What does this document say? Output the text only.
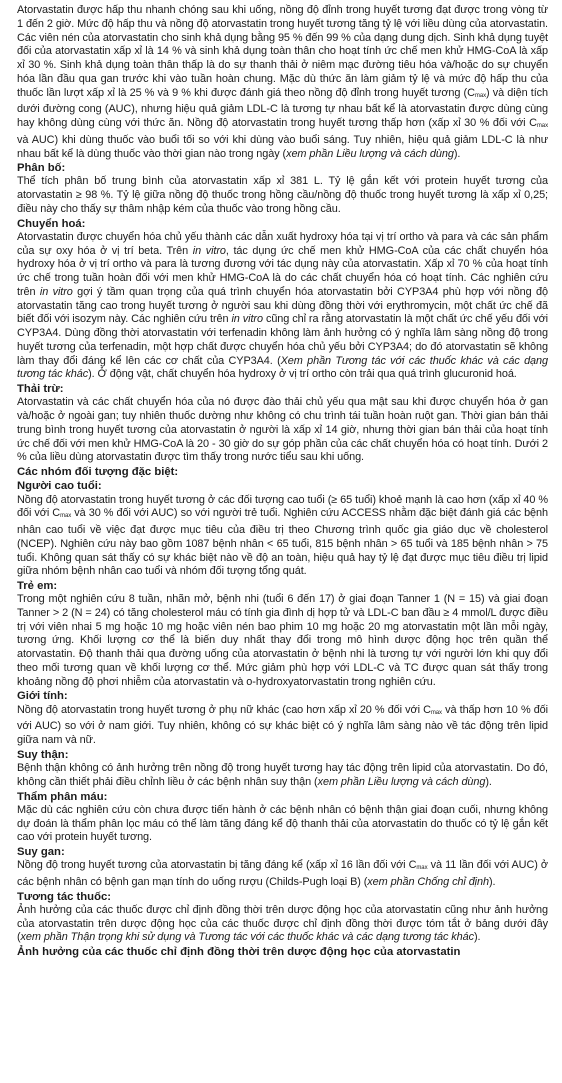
Atorvastatin được hấp thu nhanh chóng sau khi uống, nồng độ đỉnh trong huyết tương đạt được trong vòng từ 1 đến 2 giờ. Mức độ hấp thu và nồng độ atorvastatin trong huyết tương tăng tỷ lệ với liều dùng của atorvastatin. Các viên nén của atorvastatin cho sinh khả dụng bằng 95 % đến 99 % của dạng dung dịch. Sinh khả dụng tuyệt đối của atorvastatin xấp xỉ là 14 % và sinh khả dụng toàn thân cho hoạt tính ức chế men khử HMG-CoA là xấp xỉ 30 %. Sinh khả dụng toàn thân thấp là do sự thanh thải ở niêm mạc đường tiêu hóa và/hoặc do sự chuyển hóa lần đầu qua gan trước khi vào tuần hoàn chung. Mặc dù thức ăn làm giảm tỷ lệ và mức độ hấp thu của thuốc lần lượt xấp xỉ là 25 % và 9 % khi được đánh giá theo nồng độ đỉnh trong huyết tương (Cmax) và diện tích dưới đường cong (AUC), nhưng hiệu quả giảm LDL-C là tương tự nhau bất kể là atorvastatin được dùng cùng hay không dùng cùng với thức ăn. Nồng độ atorvastatin trong huyết tương thấp hơn (xấp xỉ 30 % đối với Cmax và AUC) khi dùng thuốc vào buổi tối so với khi dùng vào buổi sáng. Tuy nhiên, hiệu quả giảm LDL-C là như nhau bất kể là dùng thuốc vào thời gian nào trong ngày (xem phần Liều lượng và cách dùng).

Phân bố:

Thể tích phân bố trung bình của atorvastatin xấp xỉ 381 L. Tỷ lệ gắn kết với protein huyết tương của atorvastatin ≥ 98 %. Tỷ lệ giữa nồng độ thuốc trong hồng cầu/nồng độ thuốc trong huyết tương là xấp xỉ 0,25; điều này cho thấy sự thâm nhập kém của thuốc vào trong hồng cầu.

Chuyển hoá:

Atorvastatin được chuyển hóa chủ yếu thành các dẫn xuất hydroxy hóa tại vị trí ortho và para và các sản phẩm của sự oxy hóa ở vị trí beta. Trên in vitro, tác dụng ức chế men khử HMG-CoA của các chất chuyển hóa hydroxy hóa ở vị trí ortho và para là tương đương với tác dụng này của atorvastatin. Xấp xỉ 70 % của hoạt tính ức chế trong tuần hoàn đối với men khử HMG-CoA là do các chất chuyển hóa có hoạt tính. Các nghiên cứu trên in vitro gợi ý tầm quan trọng của quá trình chuyển hóa atorvastatin bởi CYP3A4 phù hợp với nồng độ atorvastatin tăng cao trong huyết tương ở người sau khi dùng đồng thời với erythromycin, một chất ức chế đã biết đối với isozym này. Các nghiên cứu trên in vitro cũng chỉ ra rằng atorvastatin là một chất ức chế yếu đối với CYP3A4. Dùng đồng thời atorvastatin với terfenadin không làm ảnh hưởng có ý nghĩa lâm sàng nồng độ trong huyết tương của terfenadin, một hợp chất được chuyển hóa chủ yếu bởi CYP3A4; do đó atorvastatin sẽ không làm thay đổi đáng kể lên các cơ chất của CYP3A4. (Xem phần Tương tác với các thuốc khác và các dạng tương tác khác). Ở động vật, chất chuyển hóa hydroxy ở vị trí ortho còn trải qua quá trình glucuronid hoá.

Thải trừ:

Atorvastatin và các chất chuyển hóa của nó được đào thải chủ yếu qua mật sau khi được chuyển hóa ở gan và/hoặc ở ngoài gan; tuy nhiên thuốc dường như không có chu trình tái tuần hoàn ruột gan. Thời gian bán thải trung bình trong huyết tương của atorvastatin ở người là xấp xỉ 14 giờ, nhưng thời gian bán thải của hoạt tính ức chế đối với men khử HMG-CoA là 20 - 30 giờ do sự góp phần của các chất chuyển hóa có hoạt tính. Dưới 2 % của liều dùng atorvastatin được tìm thấy trong nước tiểu sau khi uống.

Các nhóm đối tượng đặc biệt:
Người cao tuổi:

Nồng độ atorvastatin trong huyết tương ở các đối tượng cao tuổi (≥ 65 tuổi) khoẻ mạnh là cao hơn (xấp xỉ 40 % đối với Cmax và 30 % đối với AUC) so với người trẻ tuổi. Nghiên cứu ACCESS nhằm đặc biệt đánh giá các bệnh nhân cao tuổi về việc đạt được mục tiêu của điều trị theo Chương trình quốc gia giáo dục về cholesterol (NCEP). Nghiên cứu này bao gồm 1087 bệnh nhân < 65 tuổi, 815 bệnh nhân > 65 tuổi và 185 bệnh nhân > 75 tuổi. Không quan sát thấy có sự khác biệt nào về độ an toàn, hiệu quả hay tỷ lệ đạt được mục tiêu điều trị lipid giữa nhóm bệnh nhân cao tuổi và nhóm đối tượng tổng quát.

Trẻ em:

Trong một nghiên cứu 8 tuần, nhãn mở, bệnh nhi (tuổi 6 đến 17) ở giai đoạn Tanner 1 (N = 15) và giai đoạn Tanner > 2 (N = 24) có tăng cholesterol máu có tính gia đình dị hợp tử và LDL-C ban đầu ≥ 4 mmol/L được điều trị với viên nhai 5 mg hoặc 10 mg hoặc viên nén bao phim 10 mg hoặc 20 mg atorvastatin một lần mỗi ngày, tương ứng. Khối lượng cơ thể là biến duy nhất thay đổi trong mô hình dược động học trên quần thể atorvastatin. Độ thanh thải qua đường uống của atorvastatin ở bệnh nhi là tương tự với người lớn khi quy đổi theo mối tương quan về khối lượng cơ thể. Mức giảm phù hợp với LDL-C và TC được quan sát thấy trong khoảng nồng độ phơi nhiễm của atorvastatin và o-hydroxyatorvastatin trong nghiên cứu.

Giới tính:

Nồng độ atorvastatin trong huyết tương ở phụ nữ khác (cao hơn xấp xỉ 20 % đối với Cmax và thấp hơn 10 % đối với AUC) so với ở nam giới. Tuy nhiên, không có sự khác biệt có ý nghĩa lâm sàng nào về tác động trên lipid giữa nam và nữ.

Suy thận:

Bệnh thận không có ảnh hưởng trên nồng độ trong huyết tương hay tác động trên lipid của atorvastatin. Do đó, không cần thiết phải điều chỉnh liều ở các bệnh nhân suy thận (xem phần Liều lượng và cách dùng).

Thẩm phân máu:

Mặc dù các nghiên cứu còn chưa được tiến hành ở các bệnh nhân có bệnh thận giai đoạn cuối, nhưng không dự đoán là thẩm phân lọc máu có thể làm tăng đáng kể độ thanh thải của atorvastatin do thuốc có tỷ lệ gắn kết cao với protein huyết tương.

Suy gan:

Nồng độ trong huyết tương của atorvastatin bị tăng đáng kể (xấp xỉ 16 lần đối với Cmax và 11 lần đối với AUC) ở các bệnh nhân có bệnh gan mạn tính do uống rượu (Childs-Pugh loại B) (xem phần Chống chỉ định).

Tương tác thuốc:

Ảnh hưởng của các thuốc được chỉ định đồng thời trên dược động học của atorvastatin cũng như ảnh hưởng của atorvastatin trên dược động học của các thuốc được chỉ định đồng thời được tóm tắt ở bảng dưới đây (xem phần Thận trọng khi sử dụng và Tương tác với các thuốc khác và các dạng tương tác khác).

Ảnh hưởng của các thuốc chỉ định đồng thời trên dược động học của atorvastatin
